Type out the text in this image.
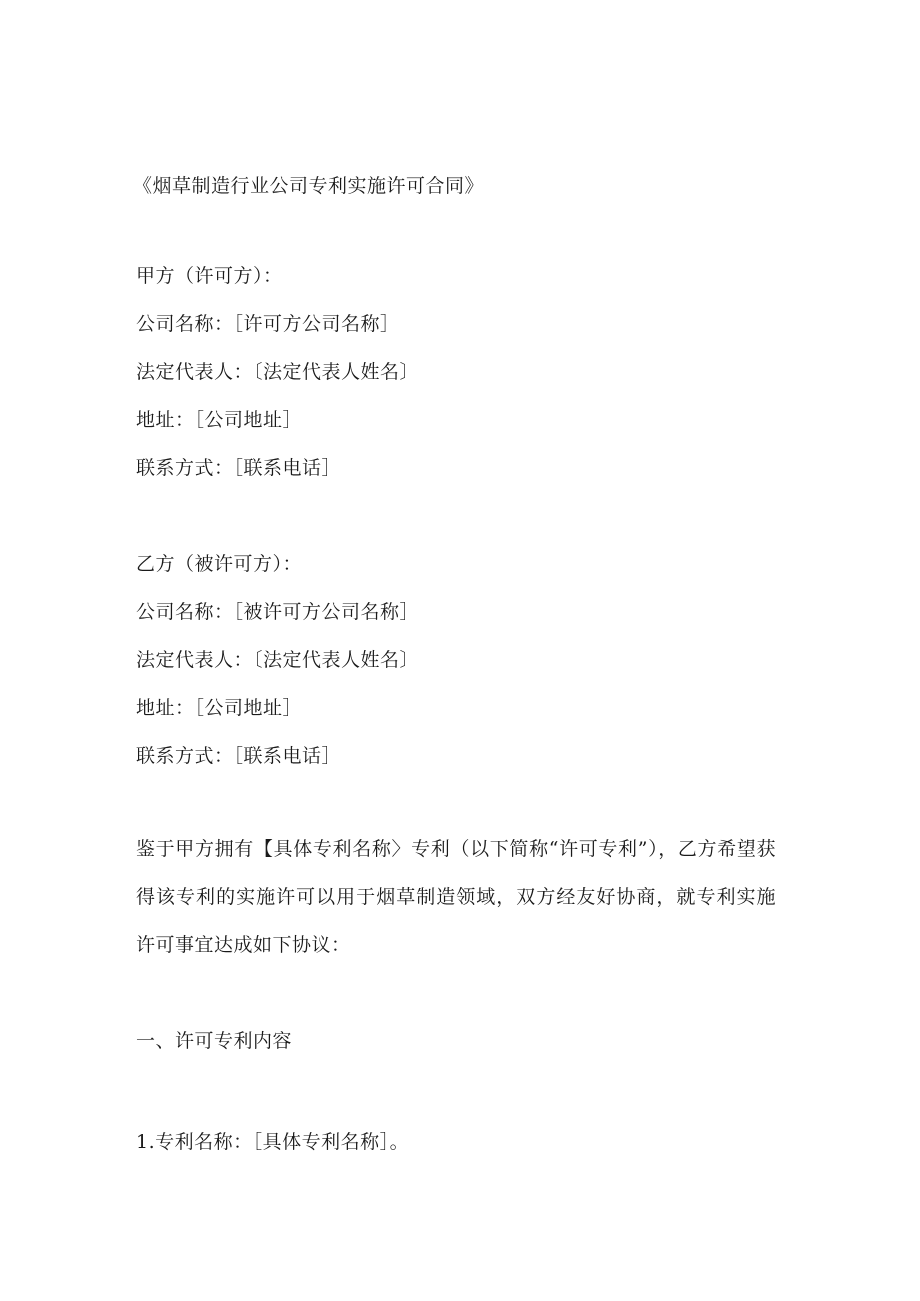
《烟草制造行业公司专利实施许可合同》
甲方（许可方）：
公司名称：［许可方公司名称］
法定代表人：〔法定代表人姓名〕
地址：［公司地址］
联系方式：［联系电话］
乙方（被许可方）：
公司名称：［被许可方公司名称］
法定代表人：〔法定代表人姓名〕
地址：［公司地址］
联系方式：［联系电话］
鉴于甲方拥有【具体专利名称〉专利（以下简称“许可专利”），乙方希望获得该专利的实施许可以用于烟草制造领域，双方经友好协商，就专利实施许可事宜达成如下协议：
一、许可专利内容
1.专利名称：［具体专利名称］。
